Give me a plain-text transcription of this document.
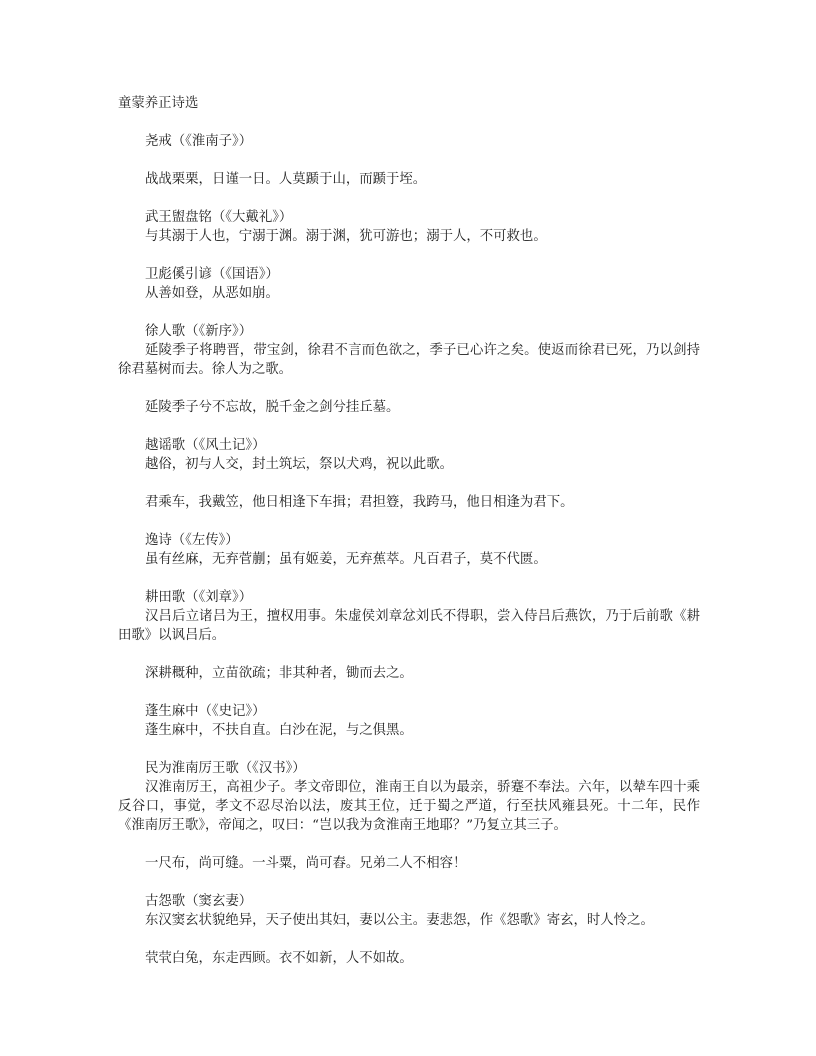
童蒙养正诗选
尧戒（《淮南子》）

战战栗栗，日谨一日。人莫踬于山，而踬于垤。

武王盥盘铭（《大戴礼》）

与其溺于人也，宁溺于渊。溺于渊，犹可游也；溺于人，不可救也。

卫彪傒引谚（《国语》）

从善如登，从恶如崩。

徐人歌（《新序》）

延陵季子将聘晋，带宝剑，徐君不言而色欲之，季子已心许之矣。使返而徐君已死，乃以剑持徐君墓树而去。徐人为之歌。

延陵季子兮不忘故，脱千金之剑兮挂丘墓。

越谣歌（《风土记》）

越俗，初与人交，封土筑坛，祭以犬鸡，祝以此歌。

君乘车，我戴笠，他日相逢下车揖；君担簦，我跨马，他日相逢为君下。

逸诗（《左传》）

虽有丝麻，无弃菅蒯；虽有姬姜，无弃蕉萃。凡百君子，莫不代匮。

耕田歌（《刘章》）

汉吕后立诸吕为王，擅权用事。朱虚侯刘章忿刘氏不得职，尝入侍吕后燕饮，乃于后前歌《耕田歌》以讽吕后。

深耕穊种，立苗欲疏；非其种者，锄而去之。

蓬生麻中（《史记》）

蓬生麻中，不扶自直。白沙在泥，与之俱黑。

民为淮南厉王歌（《汉书》）

汉淮南厉王，高祖少子。孝文帝即位，淮南王自以为最亲，骄蹇不奉法。六年，以辇车四十乘反谷口，事觉，孝文不忍尽治以法，废其王位，迁于蜀之严道，行至扶风雍县死。十二年，民作《淮南厉王歌》，帝闻之，叹曰：“岂以我为贪淮南王地耶？”乃复立其三子。

一尺布，尚可缝。一斗粟，尚可舂。兄弟二人不相容！

古怨歌（窦玄妻）

东汉窦玄状貌绝异，天子使出其妇，妻以公主。妻悲怨，作《怨歌》寄玄，时人怜之。

茕茕白兔，东走西顾。衣不如新，人不如故。
